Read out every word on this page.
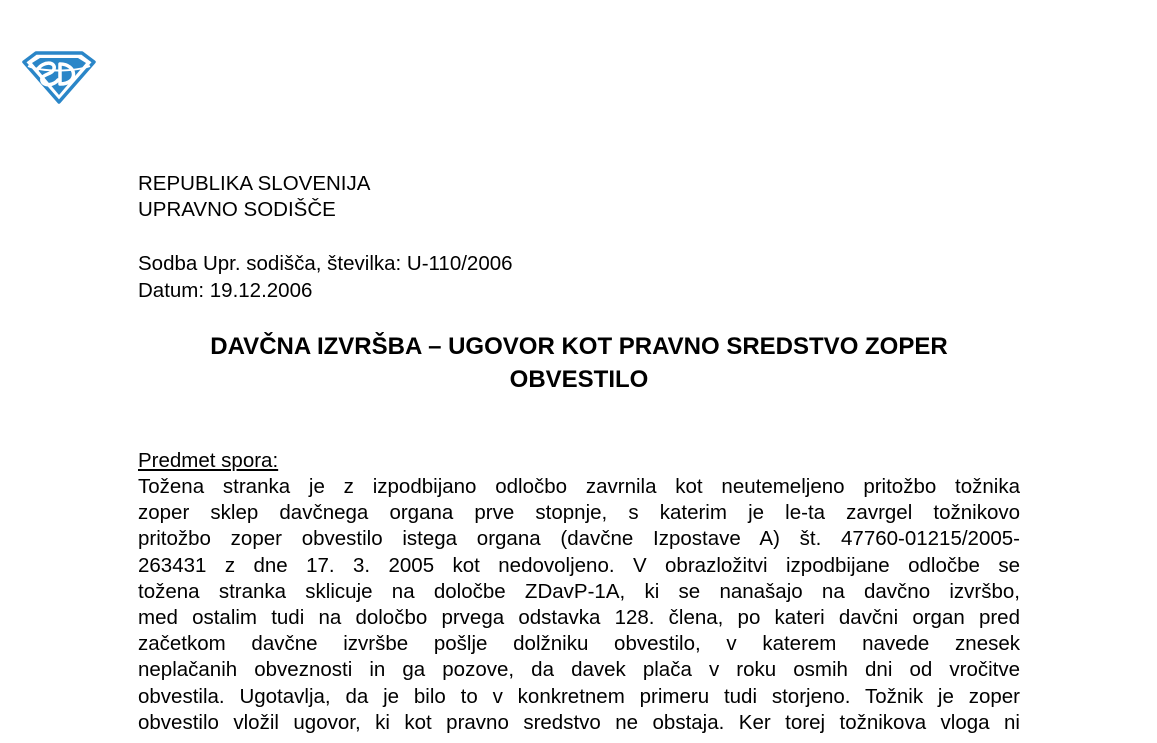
REPUBLIKA SLOVENIJA
UPRAVNO SODIŠČE
Sodba Upr. sodišča, številka: U-110/2006
Datum: 19.12.2006
DAVČNA IZVRŠBA – UGOVOR KOT PRAVNO SREDSTVO ZOPER
OBVESTILO
Predmet spora:
Tožena stranka je z izpodbijano odločbo zavrnila kot neutemeljeno pritožbo tožnika
zoper sklep davčnega organa prve stopnje, s katerim je le-ta zavrgel tožnikovo
pritožbo zoper obvestilo istega organa (davčne Izpostave A) št. 47760-01215/2005-
263431 z dne 17. 3. 2005 kot nedovoljeno. V obrazložitvi izpodbijane odločbe se
tožena stranka sklicuje na določbe ZDavP-1A, ki se nanašajo na davčno izvršbo,
med ostalim tudi na določbo prvega odstavka 128. člena, po kateri davčni organ pred
začetkom davčne izvršbe pošlje dolžniku obvestilo, v katerem navede znesek
neplačanih obveznosti in ga pozove, da davek plača v roku osmih dni od vročitve
obvestila. Ugotavlja, da je bilo to v konkretnem primeru tudi storjeno. Tožnik je zoper
obvestilo vložil ugovor, ki kot pravno sredstvo ne obstaja. Ker torej tožnikova vloga ni
